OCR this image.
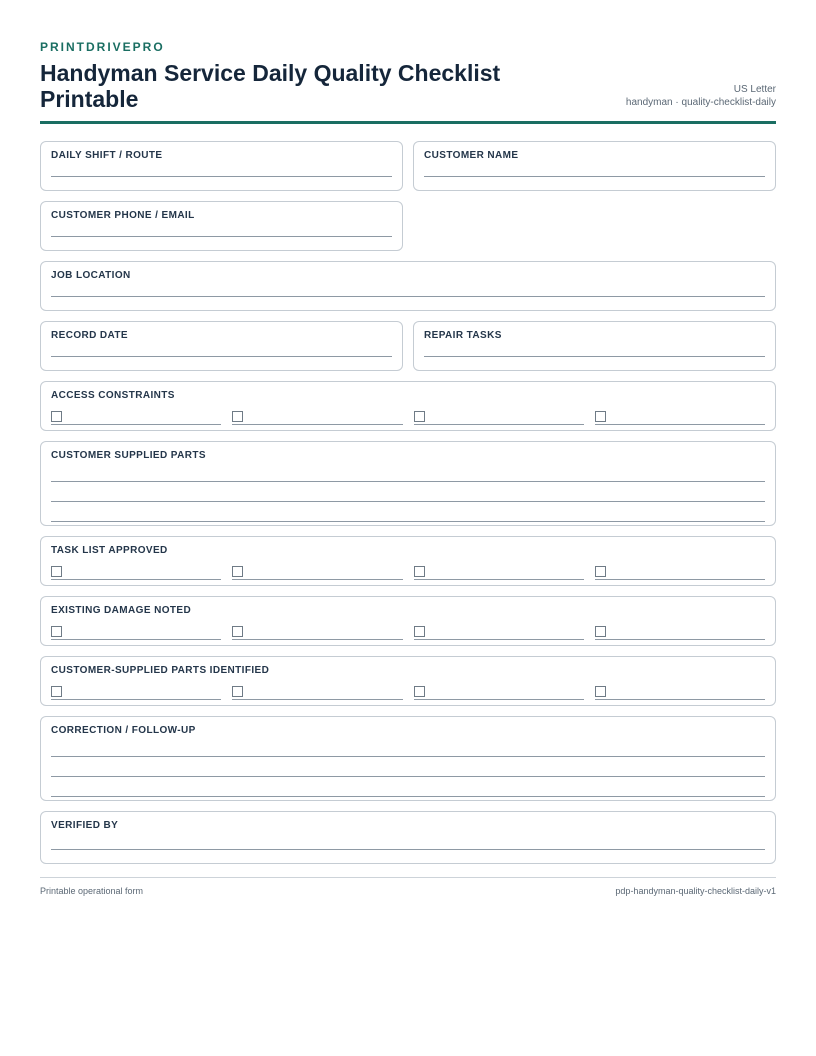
PRINTDRIVEPRO
Handyman Service Daily Quality Checklist Printable	US Letter
handyman · quality-checklist-daily
DAILY SHIFT / ROUTE	CUSTOMER NAME
CUSTOMER PHONE / EMAIL
JOB LOCATION
RECORD DATE	REPAIR TASKS
ACCESS CONSTRAINTS
CUSTOMER SUPPLIED PARTS
TASK LIST APPROVED
EXISTING DAMAGE NOTED
CUSTOMER-SUPPLIED PARTS IDENTIFIED
CORRECTION / FOLLOW-UP
VERIFIED BY
Printable operational form	pdp-handyman-quality-checklist-daily-v1
